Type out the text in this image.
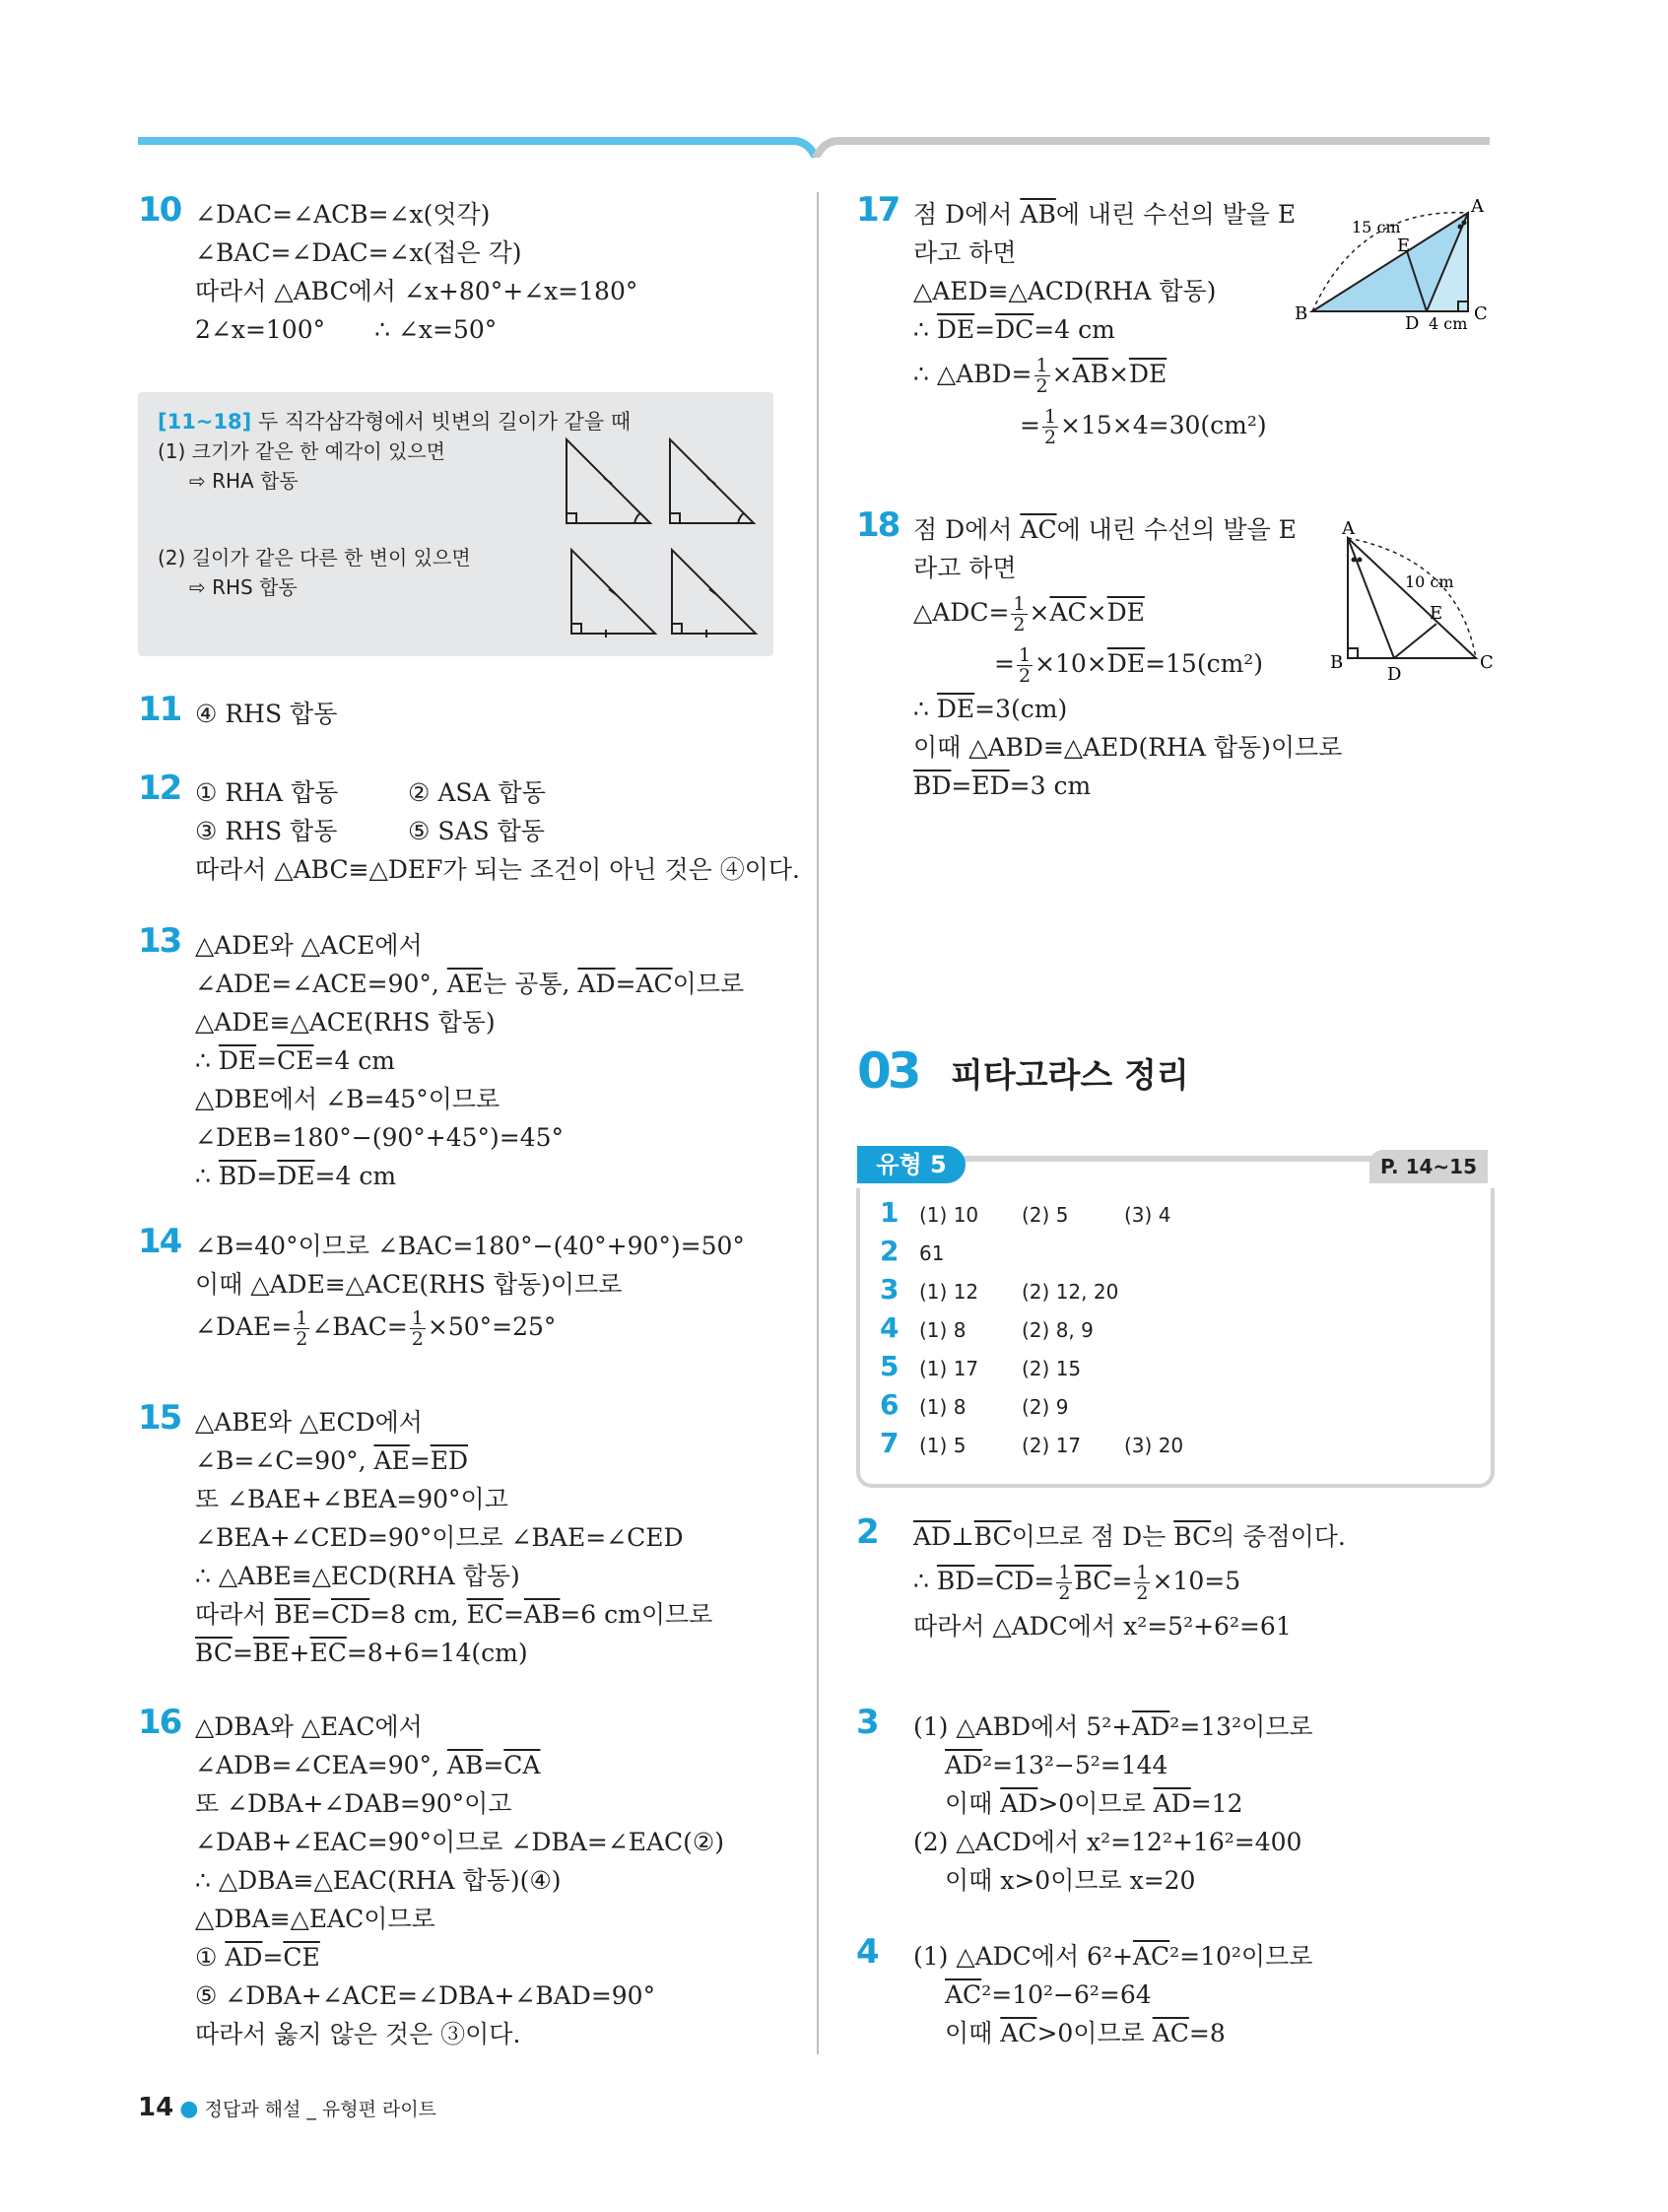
10 ∠DAC=∠ACB=∠x(엇각)
∠BAC=∠DAC=∠x(접은 각)
따라서 △ABC에서 ∠x+80°+∠x=180°
2∠x=100° ∴ ∠x=50°
[11~18] 두 직각삼각형에서 빗변의 길이가 같을 때
(1) 크기가 같은 한 예각이 있으면
⇨ RHA 합동
(2) 길이가 같은 다른 한 변이 있으면
⇨ RHS 합동
11 ④ RHS 합동
12 ① RHA 합동	② ASA 합동
③ RHS 합동	⑤ SAS 합동
따라서 △ABC≡△DEF가 되는 조건이 아닌 것은 ④이다.
13 △ADE와 △ACE에서
∠ADE=∠ACE=90°, $\overline{AE}$는 공통, $\overline{AD}=\overline{AC}$이므로
△ADE≡△ACE(RHS 합동)
∴ $\overline{DE}=\overline{CE}=4$ cm
△DBE에서 ∠B=45°이므로
∠DEB=180°−(90°+45°)=45°
∴ $\overline{BD}=\overline{DE}=4$ cm
14 ∠B=40°이므로 ∠BAC=180°−(40°+90°)=50°
이때 △ADE≡△ACE(RHS 합동)이므로
∠DAE= $\frac{1}{2}$ ∠BAC= $\frac{1}{2} \times 50^\circ=25^\circ$
15 △ABE와 △ECD에서
∠B=∠C=90°, $\overline{AE}=\overline{ED}$
또 ∠BAE+∠BEA=90°이고
∠BEA+∠CED=90°이므로 ∠BAE=∠CED
∴ △ABE≡△ECD(RHA 합동)
따라서 $\overline{BE}=\overline{CD}=8$ cm, $\overline{EC}=\overline{AB}=6$ cm이므로
$\overline{BC}=\overline{BE}+\overline{EC}=8+6=14(cm)$
16 △DBA와 △EAC에서
∠ADB=∠CEA=90°, $\overline{AB}=\overline{CA}$
또 ∠DBA+∠DAB=90°이고
∠DAB+∠EAC=90°이므로 ∠DBA=∠EAC(②)
∴ △DBA≡△EAC(RHA 합동)(④)
△DBA≡△EAC이므로
① $\overline{AD}=\overline{CE}$
⑤ ∠DBA+∠ACE=∠DBA+∠BAD=90°
따라서 옳지 않은 것은 ③이다.
17 점 D에서 $\overline{AB}$에 내린 수선의 발을 E
라고 하면
△AED≡△ACD(RHA 합동)
∴ $\overline{DE}=\overline{DC}=4$ cm
∴ △ABD= $\frac{1}{2} \times\overline{AB}\times\overline{DE}$
= $\frac{1}{2} \times 15\times 4=30(cm^2)$
A
B	C
D
E
15 cm
4 cm
18 점 D에서 $\overline{AC}$에 내린 수선의 발을 E
라고 하면
△ADC= $\frac{1}{2} \times\overline{AC}\times\overline{DE}$
= $\frac{1}{2} \times 10\times\overline{DE}=15(cm^2)$
∴ $\overline{DE}=3(cm)$
이때 △ABD≡△AED(RHA 합동)이므로
$\overline{BD}=\overline{ED}=3$ cm
A
B	C
D
E
10 cm
03 피타고라스 정리
유형 5	P. 14~15
1 (1) 10 (2) 5	(3) 4
2 61
3 (1) 12 (2) 12, 20
4 (1) 8	(2) 8, 9
5 (1) 17 (2) 15
6 (1) 8	(2) 9
7 (1) 5	(2) 17 (3) 20
2 $\overline{AD}\perp\overline{BC}$이므로 점 D는 $\overline{BC}$의 중점이다.
∴ $\overline{BD}=\overline{CD}= \frac{1}{2} \overline{BC}= \frac{1}{2} \times 10=5$
따라서 △ADC에서 x²=5²+6²=61
3 (1) △ABD에서 $5^2+\overline{AD}^2=13^2$이므로
$\overline{AD}^2=13^2-5^2=144$
이때 $\overline{AD}>0$이므로 $\overline{AD}=12$
(2) △ACD에서 x²=12²+16²=400
이때 x>0이므로 x=20
4 (1) △ADC에서 $6^2+\overline{AC}^2=10^2$이므로
$\overline{AC}^2=10^2-6^2=64$
이때 $\overline{AC}>0$이므로 $\overline{AC}=8$
14 ● 정답과 해설 _ 유형편 라이트
